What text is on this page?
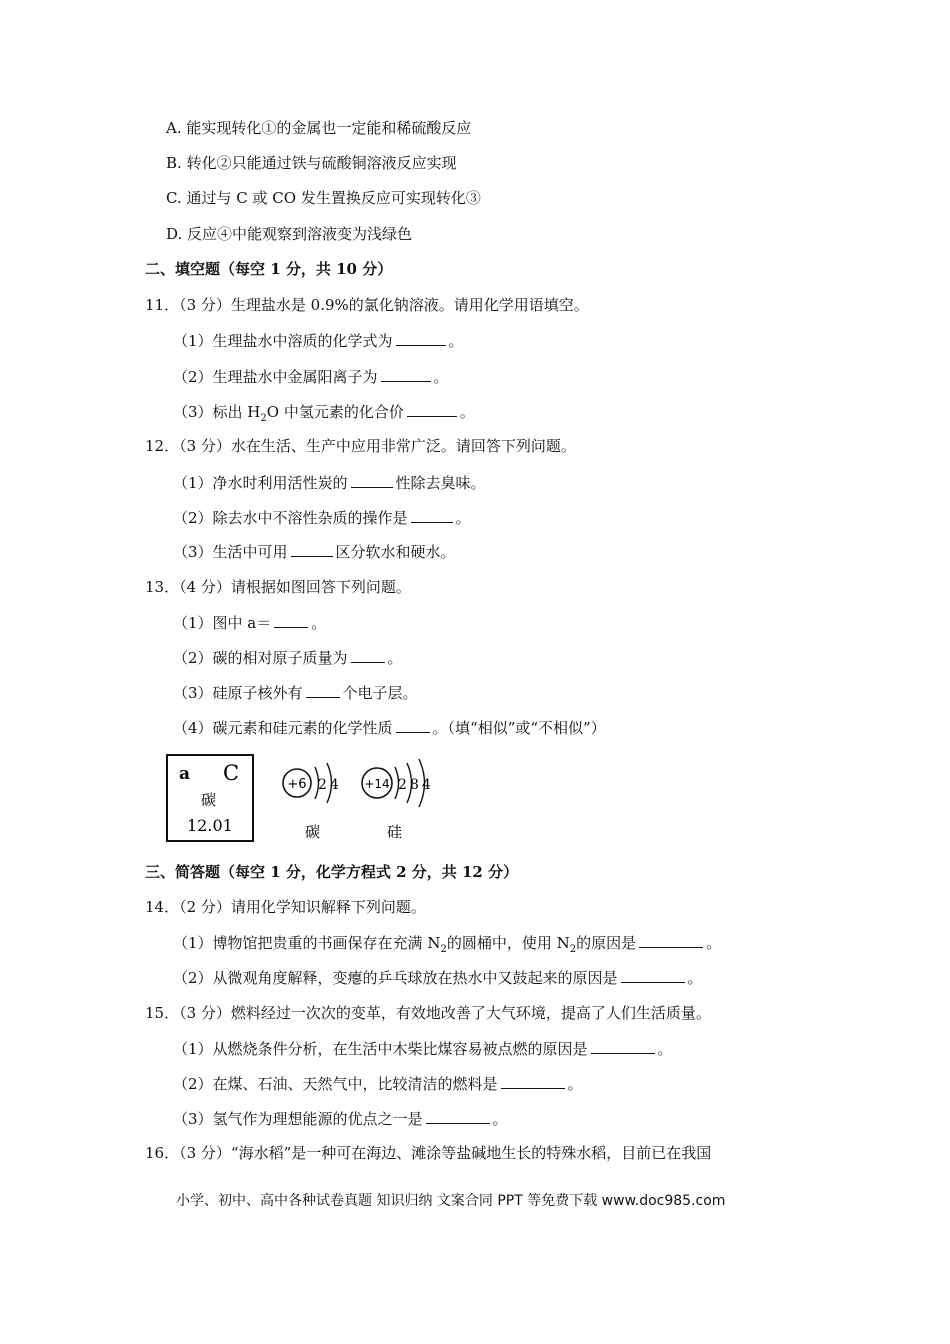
A. 能实现转化①的金属也一定能和稀硫酸反应
B. 转化②只能通过铁与硫酸铜溶液反应实现
C. 通过与 C 或 CO 发生置换反应可实现转化③
D. 反应④中能观察到溶液变为浅绿色
二、填空题（每空 1 分，共 10 分）
11．（3 分）生理盐水是 0.9%的氯化钠溶液。请用化学用语填空。
（1）生理盐水中溶质的化学式为	。
（2）生理盐水中金属阳离子为	。
（3）标出 $H_2O$ 中氢元素的化合价	。
12．（3 分）水在生活、生产中应用非常广泛。请回答下列问题。
（1）净水时利用活性炭的	性除去臭味。
（2）除去水中不溶性杂质的操作是	。
（3）生活中可用	区分软水和硬水。
13．（4 分）请根据如图回答下列问题。
（1）图中 a＝	。
（2）碳的相对原子质量为	。
（3）硅原子核外有	个电子层。
（4）碳元素和硅元素的化学性质	。（填“相似”或“不相似”）
a C
碳
12.01
+6 2 4
碳
+14 2 8 4
硅
三、简答题（每空 1 分，化学方程式 2 分，共 12 分）
14．（2 分）请用化学知识解释下列问题。
（1）博物馆把贵重的书画保存在充满 $N_2$的圆桶中，使用 $N_2$的原因是	。
（2）从微观角度解释，变瘪的乒乓球放在热水中又鼓起来的原因是	。
15．（3 分）燃料经过一次次的变革，有效地改善了大气环境，提高了人们生活质量。
（1）从燃烧条件分析，在生活中木柴比煤容易被点燃的原因是	。
（2）在煤、石油、天然气中，比较清洁的燃料是	。
（3）氢气作为理想能源的优点之一是	。
16．（3 分）“海水稻”是一种可在海边、滩涂等盐碱地生长的特殊水稻，目前已在我国
小学、初中、高中各种试卷真题 知识归纳 文案合同 PPT 等免费下载 www.doc985.com
